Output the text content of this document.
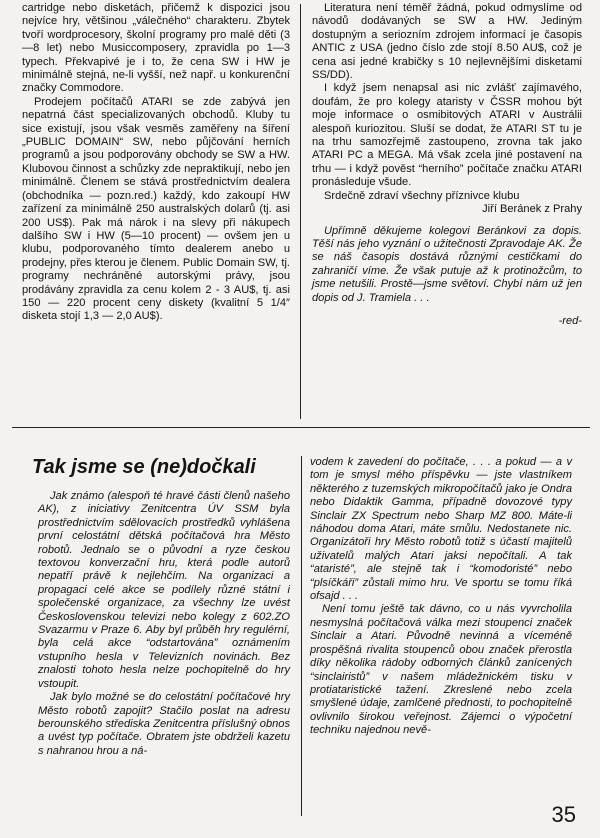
cartridge nebo disketách, přičemž k dispozici jsou nejvíce hry, většinou „válečného“ charakteru. Zbytek tvoří wordprocesory, školní programy pro malé děti (3—8 let) nebo Musiccomposery, zpravidla po 1—3 typech. Překvapivé je i to, že cena SW i HW je minimálně stejná, ne-li vyšší, než např. u konkurenční značky Commodore.

Prodejem počítačů ATARI se zde zabývá jen nepatrná část specializovaných obchodů. Kluby tu sice existují, jsou však vesměs zaměřeny na šíření „PUBLIC DOMAIN“ SW, nebo půjčování herních programů a jsou podporovány obchody se SW a HW. Klubovou činnost a schůzky zde nepraktikují, nebo jen minimálně. Členem se stává prostřednictvím dealera (obchodníka — pozn.red.) každý, kdo zakoupí HW zařízení za minimálně 250 australských dolarů (tj. asi 200 US$). Pak má nárok i na slevy při nákupech dalšího SW i HW (5—10 procent) — ovšem jen u klubu, podporovaného tímto dealerem anebo u prodejny, přes kterou je členem. Public Domain SW, tj. programy nechráněné autorskými právy, jsou prodávány zpravidla za cenu kolem 2 - 3 AU$, tj. asi 150 — 220 procent ceny diskety (kvalitní 5 1/4″ disketa stojí 1,3 — 2,0 AU$).

Literatura není téměř žádná, pokud odmyslíme od návodů dodávaných se SW a HW. Jediným dostupným a seriozním zdrojem informací je časopis ANTIC z USA (jedno číslo zde stojí 8.50 AU$, což je cena asi jedné krabičky s 10 nejlevnějšími disketami SS/DD).

I když jsem nenapsal asi nic zvlášť zajímavého, doufám, že pro kolegy ataristy v ČSSR mohou být moje informace o osmibitových ATARI v Austrálii alespoň kuriozitou. Sluší se dodat, že ATARI ST tu je na trhu samozřejmě zastoupeno, zrovna tak jako ATARI PC a MEGA. Má však zcela jiné postavení na trhu — i když pověst “herního” počítače značku ATARI pronásleduje všude.

Srdečně zdraví všechny příznivce klubu

Jiří Beránek z Prahy

Upřímně děkujeme kolegovi Beránkovi za dopis. Těší nás jeho vyznání o užitečnosti Zpravodaje AK. Že se náš časopis dostává různými cestičkami do zahraničí víme. Že však putuje až k protinožcům, to jsme netušili. Prostě—jsme světoví. Chybí nám už jen dopis od J. Tramiela . . .

-red-

Tak jsme se (ne)dočkali

Jak známo (alespoň té hravé části členů našeho AK), z iniciativy Zenitcentra ÚV SSM byla prostřednictvím sdělovacích prostředků vyhlášena první celostátní dětská počítačová hra Město robotů. Jednalo se o původní a ryze českou textovou konverzační hru, která podle autorů nepatří právě k nejlehčím. Na organizaci a propagaci celé akce se podílely různé státní i společenské organizace, za všechny lze uvést Československou televizi nebo kolegy z 602.ZO Svazarmu v Praze 6. Aby byl průběh hry regulérní, byla celá akce “odstartována” oznámením vstupního hesla v Televizních novinách. Bez znalosti tohoto hesla nelze pochopitelně do hry vstoupit.

Jak bylo možné se do celostátní počítačové hry Město robotů zapojit? Stačilo poslat na adresu berounského střediska Zenitcentra příslušný obnos a uvést typ počítače. Obratem jste obdrželi kazetu s nahranou hrou a ná-

vodem k zavedení do počítače, . . . a pokud — a v tom je smysl mého příspěvku — jste vlastníkem některého z tuzemských mikropočítačů jako je Ondra nebo Didaktik Gamma, případně dovozové typy Sinclair ZX Spectrum nebo Sharp MZ 800. Máte-li náhodou doma Atari, máte smůlu. Nedostanete nic. Organizátoři hry Město robotů totiž s účastí majitelů uživatelů malých Atari jaksi nepočítali. A tak “ataristé”, ale stejně tak i “komodoristé” nebo “plsíčkáři” zůstali mimo hru. Ve sportu se tomu říká ofsajd . . .

Není tomu ještě tak dávno, co u nás vyvrcholila nesmyslná počítačová válka mezi stoupenci značek Sinclair a Atari. Původně nevinná a víceméně prospěšná rivalita stoupenců obou značek přerostla díky několika rádoby odborných článků zanícených “sinclairistů” v našem mládežnickém tisku v protiataristické tažení. Zkreslené nebo zcela smyšlené údaje, zamlčené přednosti, to pochopitelně ovlivnilo širokou veřejnost. Zájemci o výpočetní techniku najednou nevě-

35
